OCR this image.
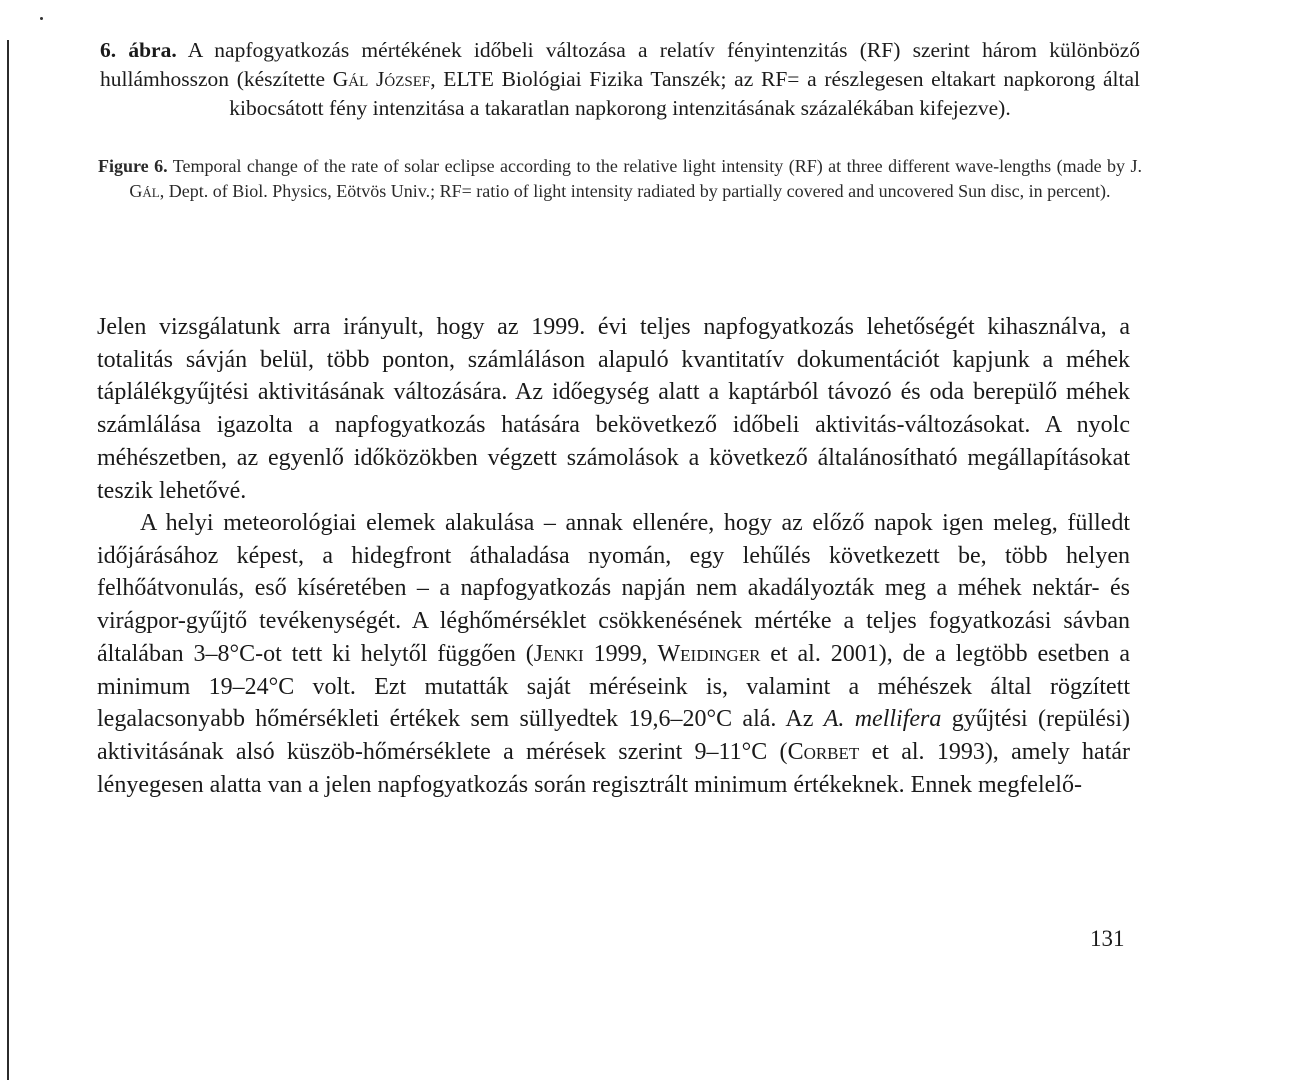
6. ábra. A napfogyatkozás mértékének időbeli változása a relatív fényintenzitás (RF) szerint három különböző hullámhosszon (készítette Gál József, ELTE Biológiai Fizika Tanszék; az RF= a részlegesen eltakart napkorong által kibocsátott fény intenzitása a takaratlan napkorong intenzitásának százalékában kifejezve).
Figure 6. Temporal change of the rate of solar eclipse according to the relative light intensity (RF) at three different wave-lengths (made by J. Gál, Dept. of Biol. Physics, Eötvös Univ.; RF= ratio of light intensity radiated by partially covered and uncovered Sun disc, in percent).

Jelen vizsgálatunk arra irányult, hogy az 1999. évi teljes napfogyatkozás lehetőségét kihasználva, a totalitás sávján belül, több ponton, számláláson alapuló kvantitatív dokumentációt kapjunk a méhek táplálékgyűjtési aktivitásának változására. Az időegység alatt a kaptárból távozó és oda berepülő méhek számlálása igazolta a napfogyatkozás hatására bekövetkező időbeli aktivitás-változásokat. A nyolc méhészetben, az egyenlő időközökben végzett számolások a következő általánosítható megállapításokat teszik lehetővé.

A helyi meteorológiai elemek alakulása – annak ellenére, hogy az előző napok igen meleg, fülledt időjárásához képest, a hidegfront áthaladása nyomán, egy lehűlés következett be, több helyen felhőátvonulás, eső kíséretében – a napfogyatkozás napján nem akadályozták meg a méhek nektár- és virágpor-gyűjtő tevékenységét. A léghőmérséklet csökkenésének mértéke a teljes fogyatkozási sávban általában 3–8°C-ot tett ki helytől függően (Jenki 1999, Weidinger et al. 2001), de a legtöbb esetben a minimum 19–24°C volt. Ezt mutatták saját méréseink is, valamint a méhészek által rögzített legalacsonyabb hőmérsékleti értékek sem süllyedtek 19,6–20°C alá. Az A. mellifera gyűjtési (repülési) aktivitásának alsó küszöb-hőmérséklete a mérések szerint 9–11°C (Corbet et al. 1993), amely határ lényegesen alatta van a jelen napfogyatkozás során regisztrált minimum értékeknek. Ennek megfelelő-

131
